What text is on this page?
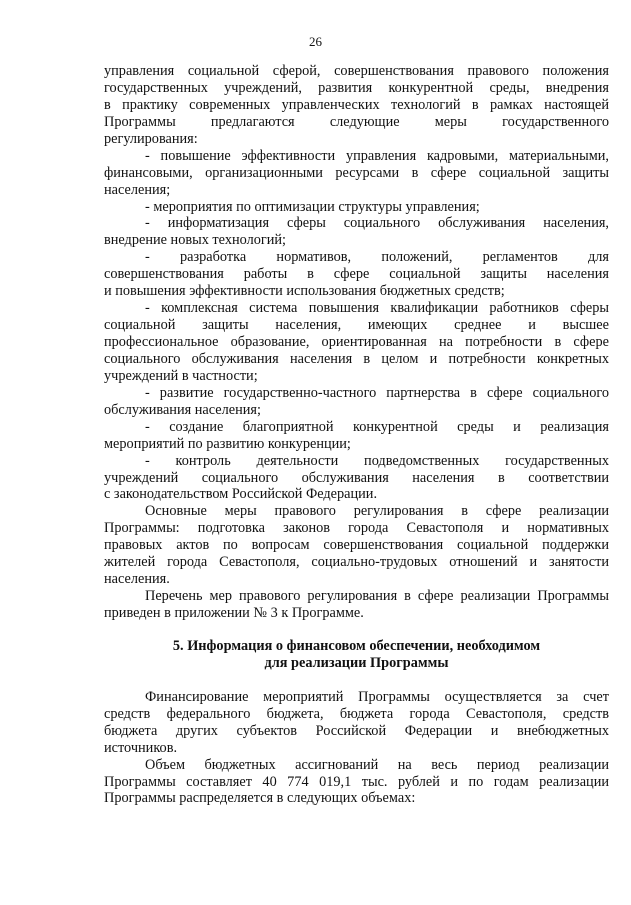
26
управления социальной сферой, совершенствования правового положения
государственных учреждений, развития конкурентной среды, внедрения
в практику современных управленческих технологий в рамках настоящей
Программы предлагаются следующие меры государственного
регулирования:
- повышение эффективности управления кадровыми, материальными,
финансовыми, организационными ресурсами в сфере социальной защиты
населения;
- мероприятия по оптимизации структуры управления;
- информатизация сферы социального обслуживания населения,
внедрение новых технологий;
- разработка нормативов, положений, регламентов для
совершенствования работы в сфере социальной защиты населения
и повышения эффективности использования бюджетных средств;
- комплексная система повышения квалификации работников сферы
социальной защиты населения, имеющих среднее и высшее
профессиональное образование, ориентированная на потребности в сфере
социального обслуживания населения в целом и потребности конкретных
учреждений в частности;
- развитие государственно-частного партнерства в сфере социального
обслуживания населения;
- создание благоприятной конкурентной среды и реализация
мероприятий по развитию конкуренции;
- контроль деятельности подведомственных государственных
учреждений социального обслуживания населения в соответствии
с законодательством Российской Федерации.
Основные меры правового регулирования в сфере реализации
Программы: подготовка законов города Севастополя и нормативных
правовых актов по вопросам совершенствования социальной поддержки
жителей города Севастополя, социально-трудовых отношений и занятости
населения.
Перечень мер правового регулирования в сфере реализации Программы
приведен в приложении № 3 к Программе.
5. Информация о финансовом обеспечении, необходимом
для реализации Программы
Финансирование мероприятий Программы осуществляется за счет
средств федерального бюджета, бюджета города Севастополя, средств
бюджета других субъектов Российской Федерации и внебюджетных
источников.
Объем бюджетных ассигнований на весь период реализации
Программы составляет 40 774 019,1 тыс. рублей и по годам реализации
Программы распределяется в следующих объемах:
